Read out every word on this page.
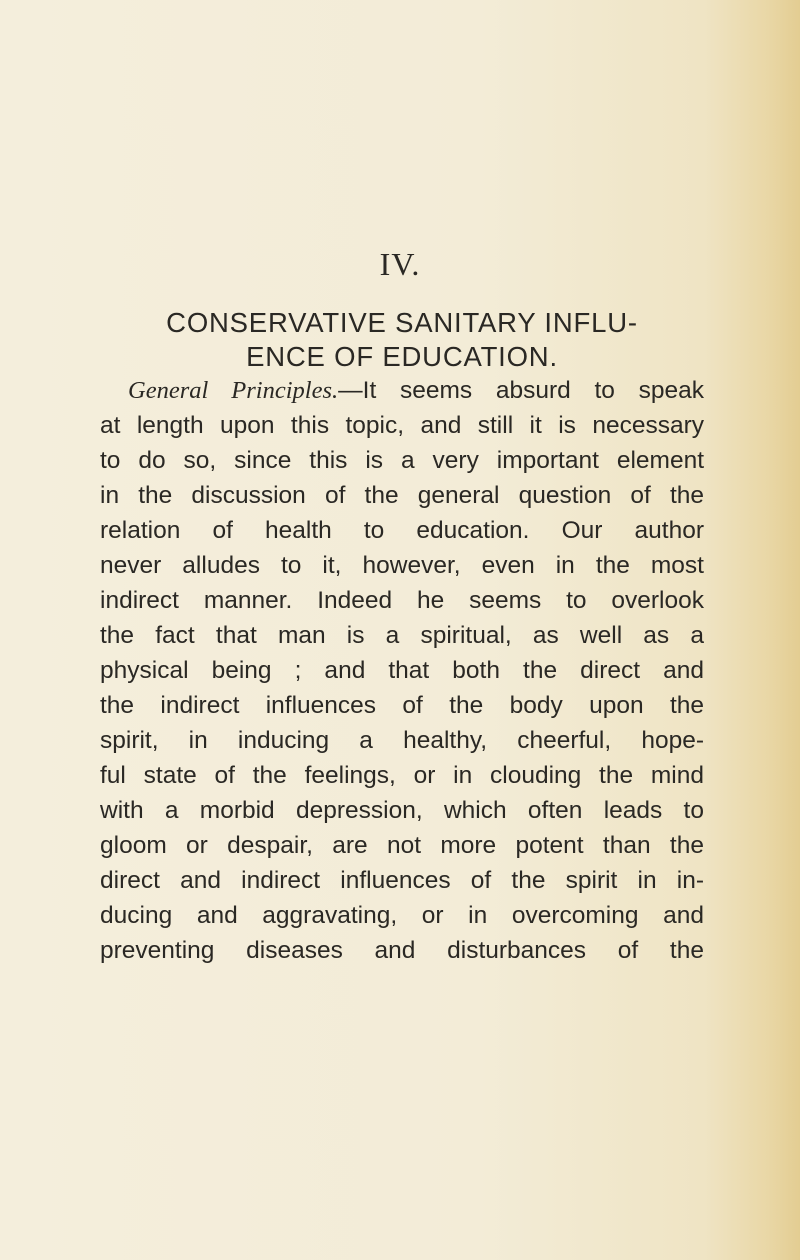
IV.
CONSERVATIVE SANITARY INFLU-
ENCE OF EDUCATION.
General Principles.—It seems absurd to speak
at length upon this topic, and still it is necessary
to do so, since this is a very important element
in the discussion of the general question of the
relation of health to education. Our author
never alludes to it, however, even in the most
indirect manner. Indeed he seems to overlook
the fact that man is a spiritual, as well as a
physical being ; and that both the direct and
the indirect influences of the body upon the
spirit, in inducing a healthy, cheerful, hope-
ful state of the feelings, or in clouding the mind
with a morbid depression, which often leads to
gloom or despair, are not more potent than the
direct and indirect influences of the spirit in in-
ducing and aggravating, or in overcoming and
preventing diseases and disturbances of the
